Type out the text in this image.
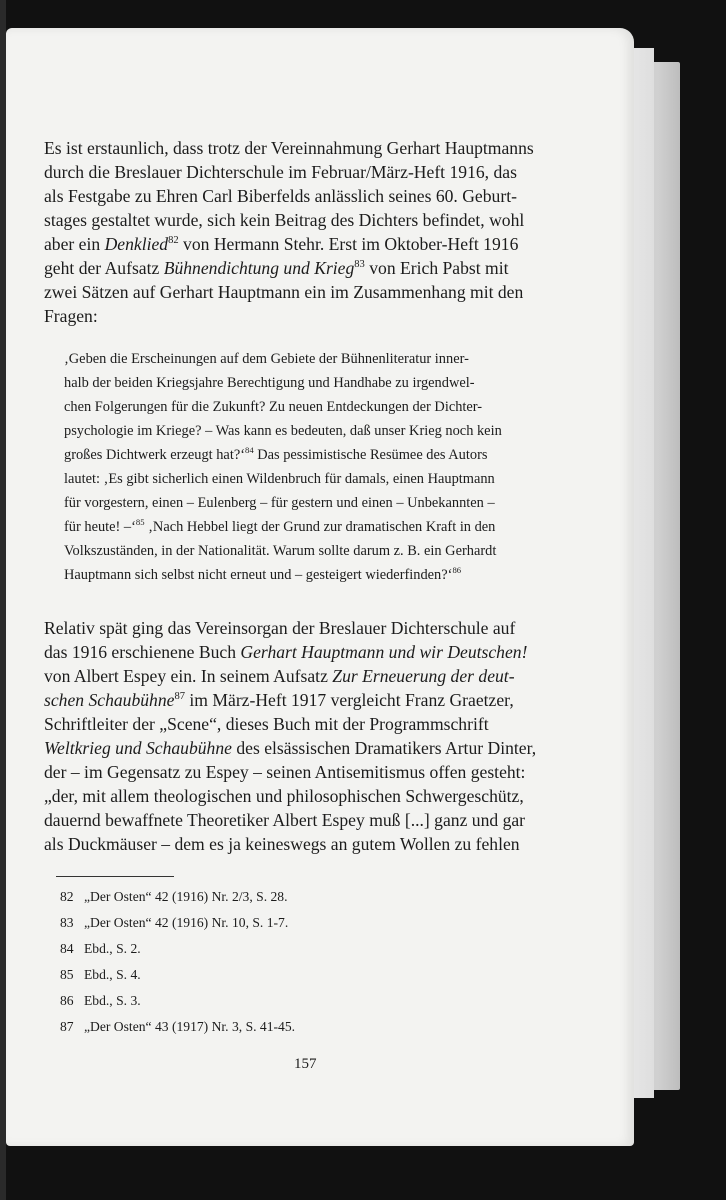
Es ist erstaunlich, dass trotz der Vereinnahmung Gerhart Hauptmanns
durch die Breslauer Dichterschule im Februar/März-Heft 1916, das
als Festgabe zu Ehren Carl Biberfelds anlässlich seines 60. Geburt-
stages gestaltet wurde, sich kein Beitrag des Dichters befindet, wohl
aber ein Denklied$^{82}$ von Hermann Stehr. Erst im Oktober-Heft 1916
geht der Aufsatz Bühnendichtung und Krieg$^{83}$ von Erich Pabst mit
zwei Sätzen auf Gerhart Hauptmann ein im Zusammenhang mit den
Fragen:
‚Geben die Erscheinungen auf dem Gebiete der Bühnenliteratur inner-
halb der beiden Kriegsjahre Berechtigung und Handhabe zu irgendwel-
chen Folgerungen für die Zukunft? Zu neuen Entdeckungen der Dichter-
psychologie im Kriege? – Was kann es bedeuten, daß unser Krieg noch kein
großes Dichtwerk erzeugt hat?‘$^{84}$ Das pessimistische Resümee des Autors
lautet: ‚Es gibt sicherlich einen Wildenbruch für damals, einen Hauptmann
für vorgestern, einen – Eulenberg – für gestern und einen – Unbekannten –
für heute! –‘$^{85}$ ‚Nach Hebbel liegt der Grund zur dramatischen Kraft in den
Volkszuständen, in der Nationalität. Warum sollte darum z. B. ein Gerhardt
Hauptmann sich selbst nicht erneut und – gesteigert wiederfinden?‘$^{86}$
Relativ spät ging das Vereinsorgan der Breslauer Dichterschule auf
das 1916 erschienene Buch Gerhart Hauptmann und wir Deutschen!
von Albert Espey ein. In seinem Aufsatz Zur Erneuerung der deut-
schen Schaubühne$^{87}$ im März-Heft 1917 vergleicht Franz Graetzer,
Schriftleiter der „Scene“, dieses Buch mit der Programmschrift
Weltkrieg und Schaubühne des elsässischen Dramatikers Artur Dinter,
der – im Gegensatz zu Espey – seinen Antisemitismus offen gesteht:
„der, mit allem theologischen und philosophischen Schwergeschütz,
dauernd bewaffnete Theoretiker Albert Espey muß [...] ganz und gar
als Duckmäuser – dem es ja keineswegs an gutem Wollen zu fehlen
82 „Der Osten“ 42 (1916) Nr. 2/3, S. 28.
83 „Der Osten“ 42 (1916) Nr. 10, S. 1-7.
84 Ebd., S. 2.
85 Ebd., S. 4.
86 Ebd., S. 3.
87 „Der Osten“ 43 (1917) Nr. 3, S. 41-45.
157
